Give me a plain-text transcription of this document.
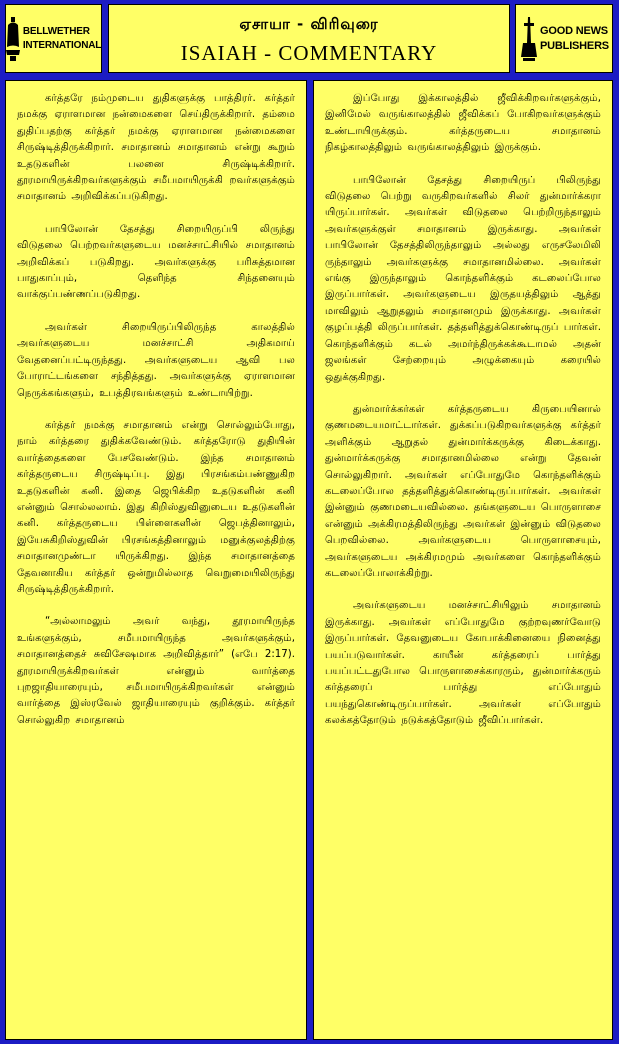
BELLWETHER
INTERNATIONAL
ஏசாயா - விரிவுரை
ISAIAH - COMMENTARY
GOOD NEWS
PUBLISHERS

கர்த்தரே நம்முடைய துதிகளுக்கு பாத்திரர். கர்த்தர் நமக்கு ஏராளமான நன்மைகளை செய்திருக்கிறார். தம்மை துதிப்பதற்கு கர்த்தர் நமக்கு ஏராளமான நன்மைகளை சிருஷ்டித்திருக்கிறார். சமாதானம் சமாதானம் என்று கூறும் உதடுகளின் பலனை சிருஷ்டிக்கிறார். தூரமாயிருக்கிறவர்களுக்கும் சமீபமாயிருக்கி றவர்களுக்கும் சமாதானம் அறிவிக்கப்படுகிறது.

பாபிலோன் தேசத்து சிறையிருப்பி லிருந்து விடுதலை பெற்றவர்களுடைய மனச்சாட்சியில் சமாதானம் அறிவிக்கப் படுகிறது. அவர்களுக்கு பரிசுத்தமான பாதுகாப்பும், தெளிந்த சிந்தனையும் வாக்குப்பண்ணப்படுகிறது.

அவர்கள் சிறையிருப்பிலிருந்த காலத்தில் அவர்களுடைய மனச்சாட்சி அதிகமாய் வேதனைப்பட்டிருந்தது. அவர்களுடைய ஆவி பல போராட்டங்களை சந்தித்தது. அவர்களுக்கு ஏராளமான நெருக்கங்களும், உபத்திரவங்களும் உண்டாயிற்று.

கர்த்தர் நமக்கு சமாதானம் என்று சொல்லும்போது, நாம் கர்த்தரை துதிக்கவேண்டும். கர்த்தரோடு துதியின் வார்த்தைகளை பேசவேண்டும். இந்த சமாதானம் கர்த்தருடைய சிருஷ்டிப்பு. இது பிரசங்கம்பண்ணுகிற உதடுகளின் கனி. இதை ஜெபிக்கிற உதடுகளின் கனி என்னும் சொல்லலாம். இது கிறிஸ்துவினுடைய உதடுகளின் கனி. கர்த்தருடைய பிள்ளைகளின் ஜெபத்தினாலும், இயேசுகிறிஸ்துவின் பிரசங்கத்தினாலும் மனுக்குலத்திற்கு சமாதானமுண்டா யிருக்கிறது. இந்த சமாதானத்தை தேவனாகிய கர்த்தர் ஒன்றுமில்லாத வெறுமையிலிருந்து சிருஷ்டித்திருக்கிறார்.

“அல்லாமலும் அவர் வந்து, தூரமாயிருந்த உங்களுக்கும், சமீபமாயிருந்த அவர்களுக்கும், சமாதானத்தைச் சுவிசேஷமாக அறிவித்தார்” (எபே 2:17). தூரமாயிருக்கிறவர்கள் என்னும் வார்த்தை புறஜாதியாரையும், சமீபமாயிருக்கிறவர்கள் என்னும் வார்த்தை இஸ்ரவேல் ஜாதியாரையும் குறிக்கும். கர்த்தர் சொல்லுகிற சமாதானம்

இப்போது இக்காலத்தில் ஜீவிக்கிறவர்களுக்கும், இனிமேல் வருங்காலத்தில் ஜீவிக்கப் போகிறவர்களுக்கும் உண்டாயிருக்கும். கர்த்தருடைய சமாதானம் நிகழ்காலத்திலும் வருங்காலத்திலும் இருக்கும்.

பாபிலோன் தேசத்து சிறையிருப் பிலிருந்து விடுதலை பெற்று வருகிறவர்களில் சிலர் துன்மார்க்கரா யிருப்பார்கள். அவர்கள் விடுதலை பெற்றிருந்தாலும் அவர்களுக்குள் சமாதானம் இருக்காது. அவர்கள் பாபிலோன் தேசத்திலிருந்தாலும் அல்லது எருசலேமிலி ருந்தாலும் அவர்களுக்கு சமாதானமில்லை. அவர்கள் எங்கு இருந்தாலும் கொந்தளிக்கும் கடலைப்போல இருப்பார்கள். அவர்களுடைய இருதயத்திலும் ஆத்து மாவிலும் ஆறுதலும் சமாதானமும் இருக்காது. அவர்கள் குழப்பத்தி லிருப்பார்கள். தத்தளித்துக்கொண்டிருப் பார்கள். கொந்தளிக்கும் கடல் அமர்ந்திருக்கக்கூடாமல் அதன் ஜலங்கள் சேற்றையும் அழுக்கையும் கரையில் ஒதுக்குகிறது.

துன்மார்க்கர்கள் கர்த்தருடைய கிருபையினால் குணமடையமாட்டார்கள். துக்கப்படுகிறவர்களுக்கு கர்த்தர் அளிக்கும் ஆறுதல் துன்மார்க்கருக்கு கிடைக்காது. துன்மார்க்கருக்கு சமாதானமில்லை என்று தேவன் சொல்லுகிறார். அவர்கள் எப்போதுமே கொந்தளிக்கும் கடலைப்போல தத்தளித்துக்கொண்டிருப்பார்கள். அவர்கள் இன்னும் குணமடையவில்லை. தங்களுடைய பொருளாசை என்னும் அக்கிரமத்திலிருந்து அவர்கள் இன்னும் விடுதலை பெறவில்லை. அவர்களுடைய பொருளாசையும், அவர்களுடைய அக்கிரமமும் அவர்களை கொந்தளிக்கும் கடலைப்போலாக்கிற்று.

அவர்களுடைய மனச்சாட்சியிலும் சமாதானம் இருக்காது. அவர்கள் எப்போதுமே குற்றவுணர்வோடு இருப்பார்கள். தேவனுடைய கோபாக்கினையை நினைத்து பயப்படுவார்கள். காயீன் கர்த்தரைப் பார்த்து பயப்பட்டதுபோல பொருளாசைக்காரரும், துன்மார்க்கரும் கர்த்தரைப் பார்த்து எப்போதும் பயந்துகொண்டிருப்பார்கள். அவர்கள் எப்போதும் கலக்கத்தோடும் நடுக்கத்தோடும் ஜீவிப்பார்கள்.
